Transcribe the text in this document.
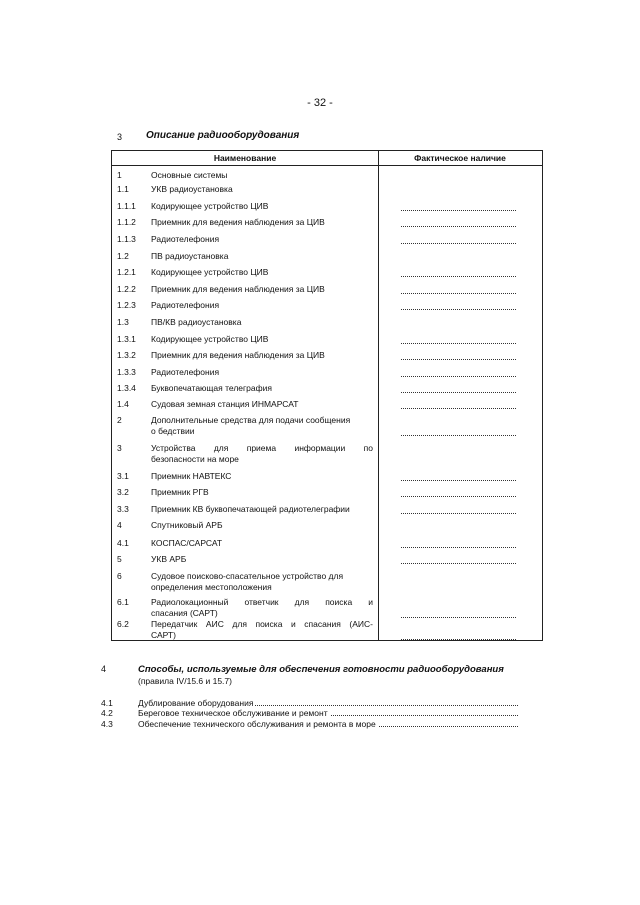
- 32 -
3 Описание радиооборудования
Наименование	Фактическое наличие
1	Основные системы
1.1	УКВ радиоустановка
1.1.1 Кодирующее устройство ЦИВ
1.1.2 Приемник для ведения наблюдения за ЦИВ
1.1.3 Радиотелефония
1.2	ПВ радиоустановка
1.2.1 Кодирующее устройство ЦИВ
1.2.2 Приемник для ведения наблюдения за ЦИВ
1.2.3 Радиотелефония
1.3	ПВ/КВ радиоустановка
1.3.1 Кодирующее устройство ЦИВ
1.3.2 Приемник для ведения наблюдения за ЦИВ
1.3.3 Радиотелефония
1.3.4 Буквопечатающая телеграфия
1.4	Судовая земная станция ИНМАРСАТ
2	Дополнительные средства для подачи сообщения
о бедствии
3	Устройства для приема информации по
безопасности на море
3.1	Приемник НАВТЕКС
3.2	Приемник РГВ
3.3	Приемник КВ буквопечатающей радиотелеграфии
4	Спутниковый АРБ
4.1	КОСПАС/САРСАТ
5	УКВ АРБ
6	Судовое поисково-спасательное устройство для
определения местоположения
6.1	Радиолокационный ответчик для поиска и
спасания (САРТ)
6.2	Передатчик АИС для поиска и спасания (АИС-
САРТ)
4	Способы, используемые для обеспечения готовности радиооборудования
(правила IV/15.6 и 15.7)
4.1	Дублирование оборудования
4.2	Береговое техническое обслуживание и ремонт
4.3	Обеспечение технического обслуживания и ремонта в море
